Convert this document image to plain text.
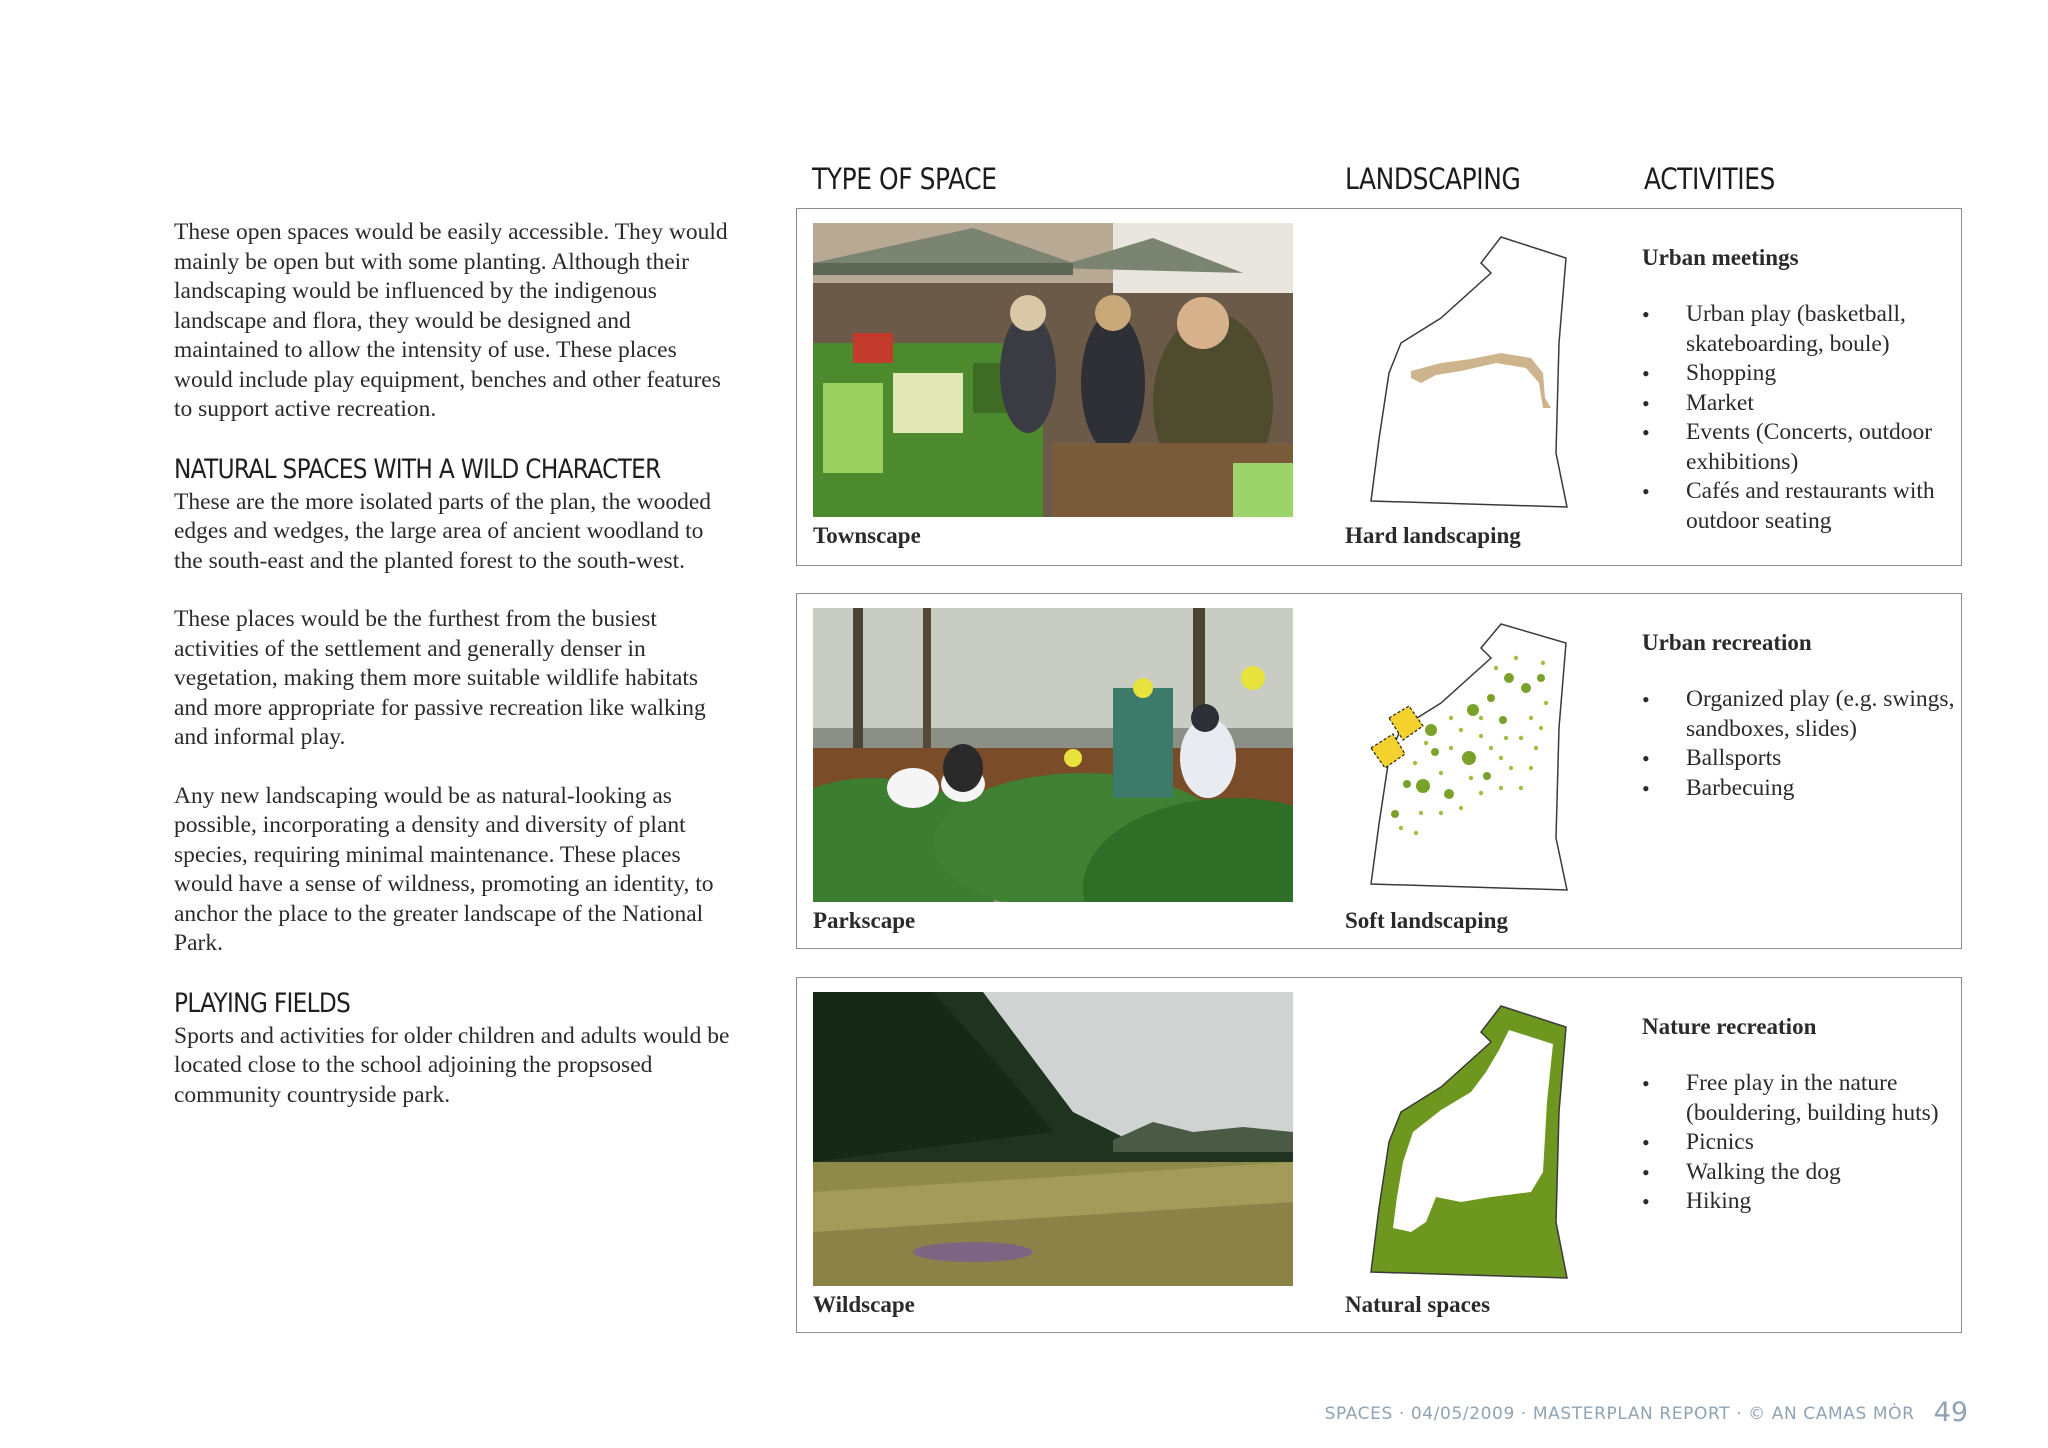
These open spaces would be easily accessible. They would mainly be open but with some planting. Although their landscaping would be influenced by the indigenous landscape and flora, they would be designed and maintained to allow the intensity of use. These places would include play equipment, benches and other features to support active recreation.

NATURAL SPACES WITH A WILD CHARACTER

These are the more isolated parts of the plan, the wooded edges and wedges, the large area of ancient woodland to the south-east and the planted forest to the south-west.

These places would be the furthest from the busiest activities of the settlement and generally denser in vegetation, making them more suitable wildlife habitats and more appropriate for passive recreation like walking and informal play.

Any new landscaping would be as natural-looking as possible, incorporating a density and diversity of plant species, requiring minimal maintenance. These places would have a sense of wildness, promoting an identity, to anchor the place to the greater landscape of the National Park.

PLAYING FIELDS

Sports and activities for older children and adults would be located close to the school adjoining the propsosed community countryside park.

TYPE OF SPACE	LANDSCAPING	ACTIVITIES
Townscape	Hard landscaping
Urban meetings
• Urban play (basketball, skateboarding, boule)
• Shopping
• Market
• Events (Concerts, outdoor exhibitions)
• Cafés and restaurants with outdoor seating
Parkscape	Soft landscaping
Urban recreation
• Organized play (e.g. swings, sandboxes, slides)
• Ballsports
• Barbecuing
Wildscape	Natural spaces
Nature recreation
• Free play in the nature (bouldering, building huts)
• Picnics
• Walking the dog
• Hiking
SPACES · 04/05/2009 · MASTERPLAN REPORT · © AN CAMAS MÒR 49
